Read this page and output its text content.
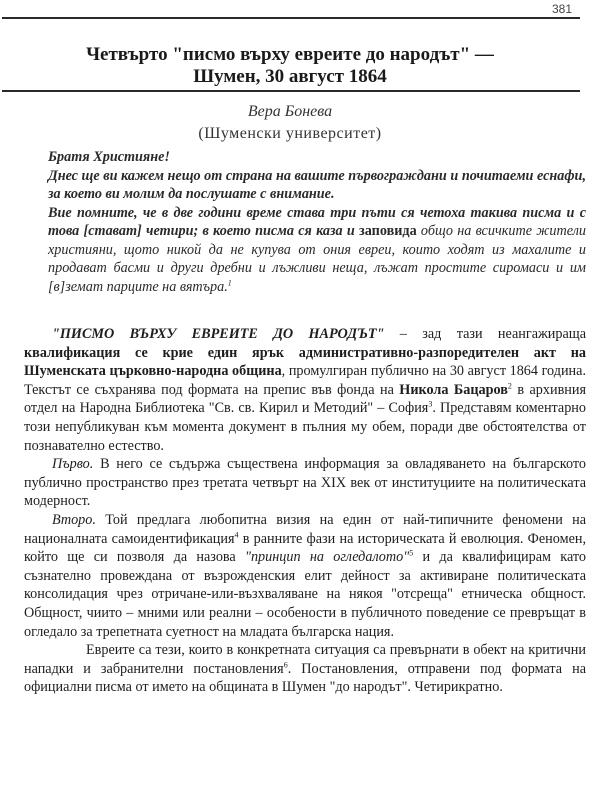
381
Четвърто "писмо върху евреите до народът" —
Шумен, 30 август 1864
Вера Бонева
(Шуменски университет)

Братя Християне!

Днес ще ви кажем нещо от страна на вашите първограждани и почитаеми еснафи, за което ви молим да послушате с внимание.

Вие помните, че в две години време става три пъти ся четоха такива писма и с това [стават] четири; в което писма ся каза и заповида общо на всичките жители християни, щото никой да не купува от ония евреи, които ходят из махалите и продават басми и други дребни и лъжливи неща, лъжат простите сиромаси и им [в]земат парците на вятъра.$^1$

"ПИСМО ВЪРХУ ЕВРЕИТЕ ДО НАРОДЪТ" – зад тази неангажираща квалификация се крие един ярък административно-разпоредителен акт на Шуменската църковно-народна община, промулгиран публично на 30 август 1864 година. Текстът се съхранява под формата на препис във фонда на Никола Бацаров$^2$ в архивния отдел на Народна Библиотека "Св. св. Кирил и Методий" – София$^3$. Представям коментарно този непубликуван към момента документ в пълния му обем, поради две обстоятелства от познавателно естество.

Първо. В него се съдържа съществена информация за овладяването на българското публично пространство през третата четвърт на XIX век от институциите на политическата модерност.

Второ. Той предлага любопитна визия на един от най-типичните феномени на националната самоидентификация$^4$ в ранните фази на историческата й еволюция. Феномен, който ще си позволя да назова "принцип на огледалото"$^5$ и да квалифицирам като съзнателно провеждана от възрожденския елит дейност за активиране политическата консолидация чрез отричане-или-възхваляване на някоя "отсреща" етническа общност. Общност, чиито – мними или реални – особености в публичното поведение се превръщат в огледало за трепетната суетност на младата българска нация.

Евреите са тези, които в конкретната ситуация са превърнати в обект на критични нападки и забранителни постановления$^6$. Постановления, отправени под формата на официални писма от името на общината в Шумен "до народът". Четирикратно.
